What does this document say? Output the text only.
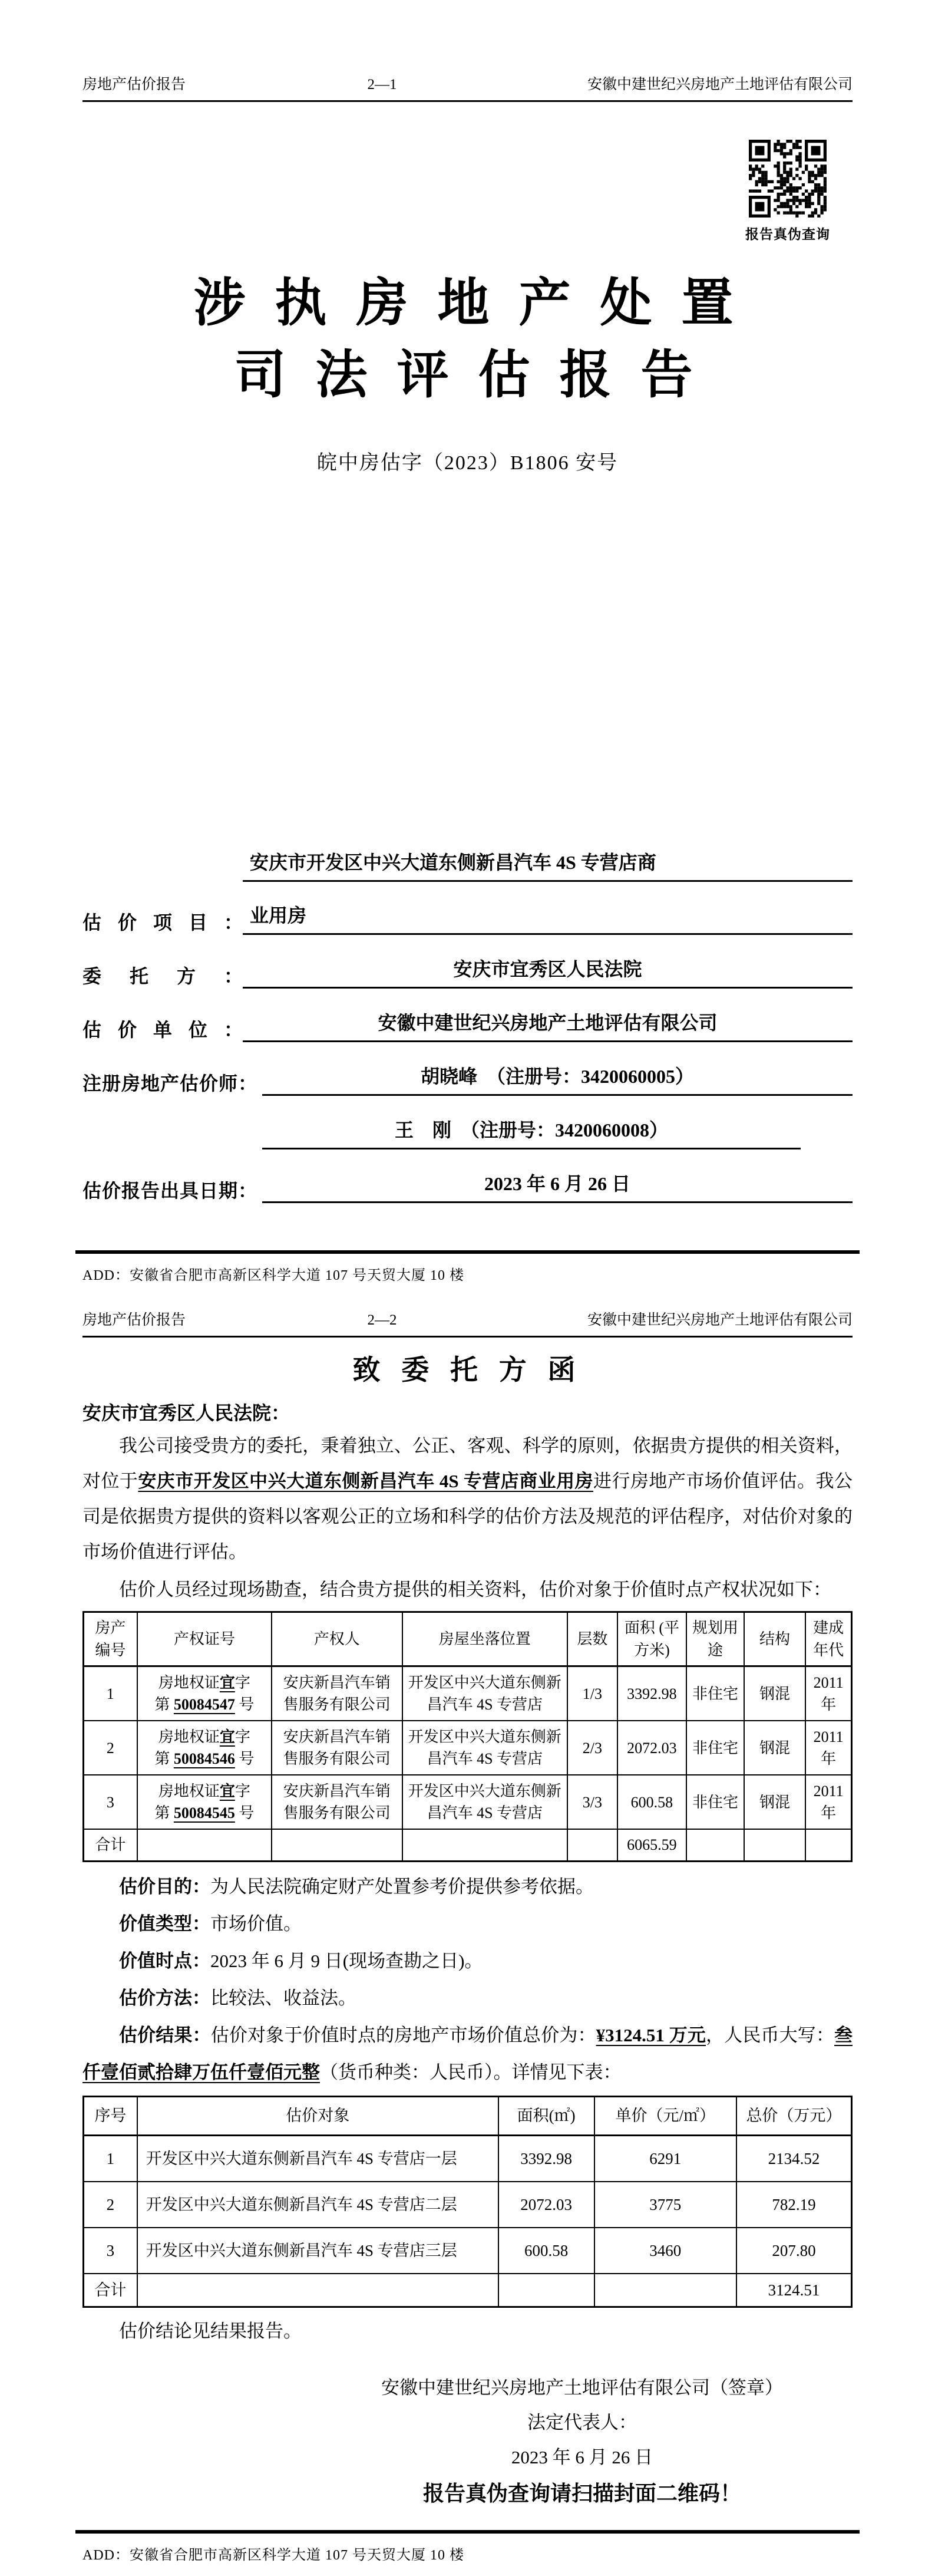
房地产估价报告	2—1	安徽中建世纪兴房地产土地评估有限公司
报告真伪查询
涉 执 房 地 产 处 置
司 法 评 估 报 告
皖中房估字（2023）B1806 安号
估价项目：
安庆市开发区中兴大道东侧新昌汽车 4S 专营店商
业用房
委托方：	安庆市宜秀区人民法院
估价单位：	安徽中建世纪兴房地产土地评估有限公司
注册房地产估价师：	胡晓峰　（注册号：3420060005）
王　刚　（注册号：3420060008）
估价报告出具日期：	2023 年 6 月 26 日
ADD：安徽省合肥市高新区科学大道 107 号天贸大厦 10 楼
房地产估价报告	2—2	安徽中建世纪兴房地产土地评估有限公司
致 委 托 方 函
安庆市宜秀区人民法院：

我公司接受贵方的委托，秉着独立、公正、客观、科学的原则，依据贵方提供的相关资料，对位于安庆市开发区中兴大道东侧新昌汽车 4S 专营店商业用房进行房地产市场价值评估。我公司是依据贵方提供的资料以客观公正的立场和科学的估价方法及规范的评估程序，对估价对象的市场价值进行评估。

估价人员经过现场勘查，结合贵方提供的相关资料，估价对象于价值时点产权状况如下：

房产编号	产权证号	产权人	房屋坐落位置	层数	面积 (平方米)	规划用途	结构	建成年代
1	房地权证宜字
第 50084547 号	安庆新昌汽车销售服务有限公司	开发区中兴大道东侧新昌汽车 4S 专营店	1/3	3392.98	非住宅	钢混	2011年
2	房地权证宜字
第 50084546 号	安庆新昌汽车销售服务有限公司	开发区中兴大道东侧新昌汽车 4S 专营店	2/3	2072.03	非住宅	钢混	2011年
3	房地权证宜字
第 50084545 号	安庆新昌汽车销售服务有限公司	开发区中兴大道东侧新昌汽车 4S 专营店	3/3	600.58	非住宅	钢混	2011年
合计					6065.59			

估价目的：为人民法院确定财产处置参考价提供参考依据。

价值类型：市场价值。

价值时点：2023 年 6 月 9 日(现场查勘之日)。

估价方法：比较法、收益法。

估价结果：估价对象于价值时点的房地产市场价值总价为：¥3124.51 万元，人民币大写：叁仟壹佰贰拾肆万伍仟壹佰元整（货币种类：人民币）。详情见下表：

序号	估价对象	面积(㎡)	单价（元/㎡）	总价（万元）
1	开发区中兴大道东侧新昌汽车 4S 专营店一层	3392.98	6291	2134.52
2	开发区中兴大道东侧新昌汽车 4S 专营店二层	2072.03	3775	782.19
3	开发区中兴大道东侧新昌汽车 4S 专营店三层	600.58	3460	207.80
合计				3124.51

估价结论见结果报告。

安徽中建世纪兴房地产土地评估有限公司（签章）
法定代表人：
2023 年 6 月 26 日
报告真伪查询请扫描封面二维码！
ADD：安徽省合肥市高新区科学大道 107 号天贸大厦 10 楼
